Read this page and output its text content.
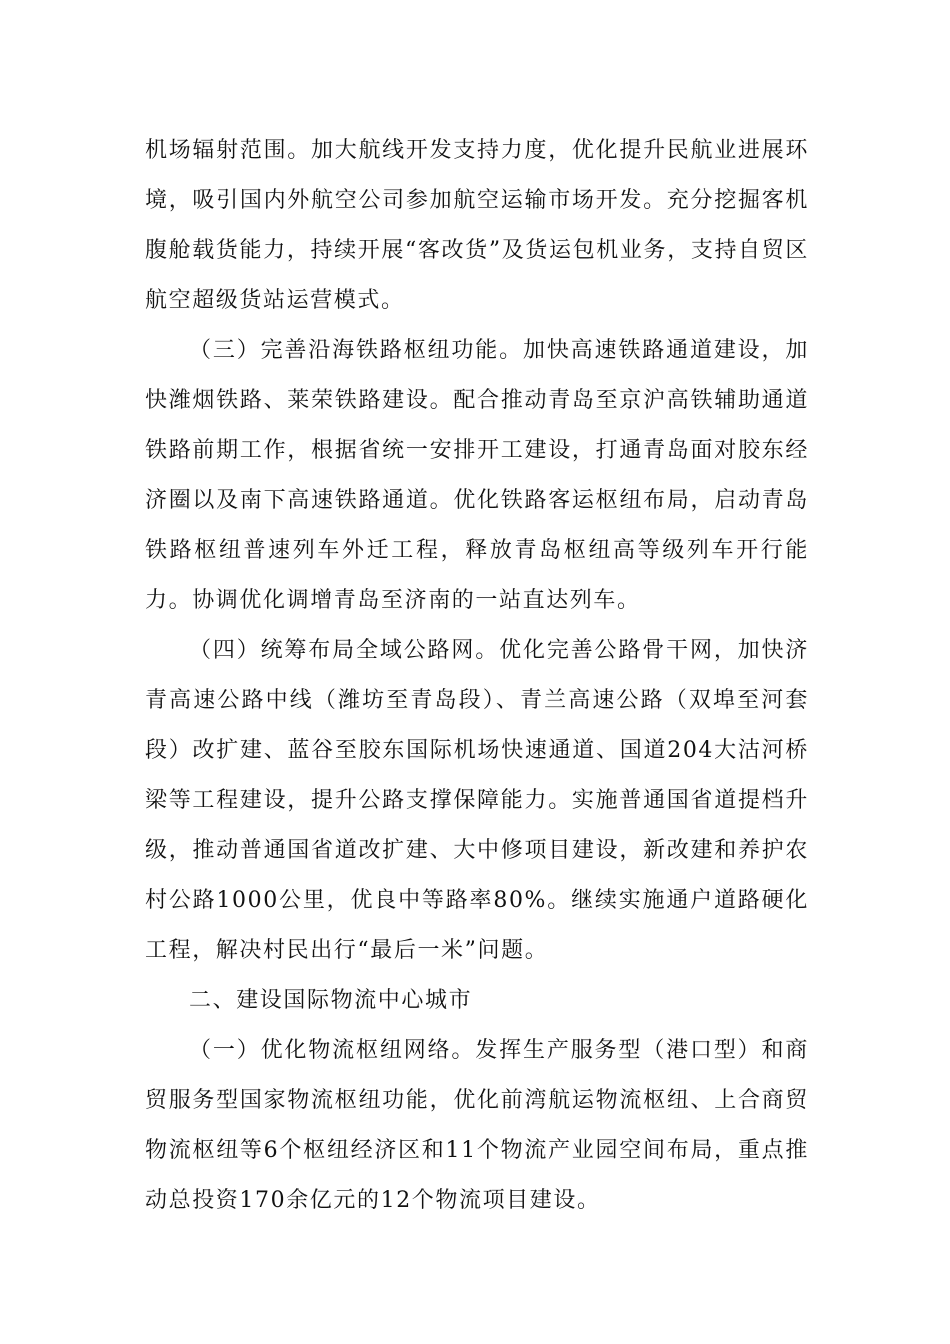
机场辐射范围。加大航线开发支持力度，优化提升民航业进展环境，吸引国内外航空公司参加航空运输市场开发。充分挖掘客机腹舱载货能力，持续开展“客改货”及货运包机业务，支持自贸区航空超级货站运营模式。

（三）完善沿海铁路枢纽功能。加快高速铁路通道建设，加快潍烟铁路、莱荣铁路建设。配合推动青岛至京沪高铁辅助通道铁路前期工作，根据省统一安排开工建设，打通青岛面对胶东经济圈以及南下高速铁路通道。优化铁路客运枢纽布局，启动青岛铁路枢纽普速列车外迁工程，释放青岛枢纽高等级列车开行能力。协调优化调增青岛至济南的一站直达列车。

（四）统筹布局全域公路网。优化完善公路骨干网，加快济青高速公路中线（潍坊至青岛段）、青兰高速公路（双埠至河套段）改扩建、蓝谷至胶东国际机场快速通道、国道204大沽河桥梁等工程建设，提升公路支撑保障能力。实施普通国省道提档升级，推动普通国省道改扩建、大中修项目建设，新改建和养护农村公路1000公里，优良中等路率80%。继续实施通户道路硬化工程，解决村民出行“最后一米”问题。

二、建设国际物流中心城市

（一）优化物流枢纽网络。发挥生产服务型（港口型）和商贸服务型国家物流枢纽功能，优化前湾航运物流枢纽、上合商贸物流枢纽等6个枢纽经济区和11个物流产业园空间布局，重点推动总投资170余亿元的12个物流项目建设。
